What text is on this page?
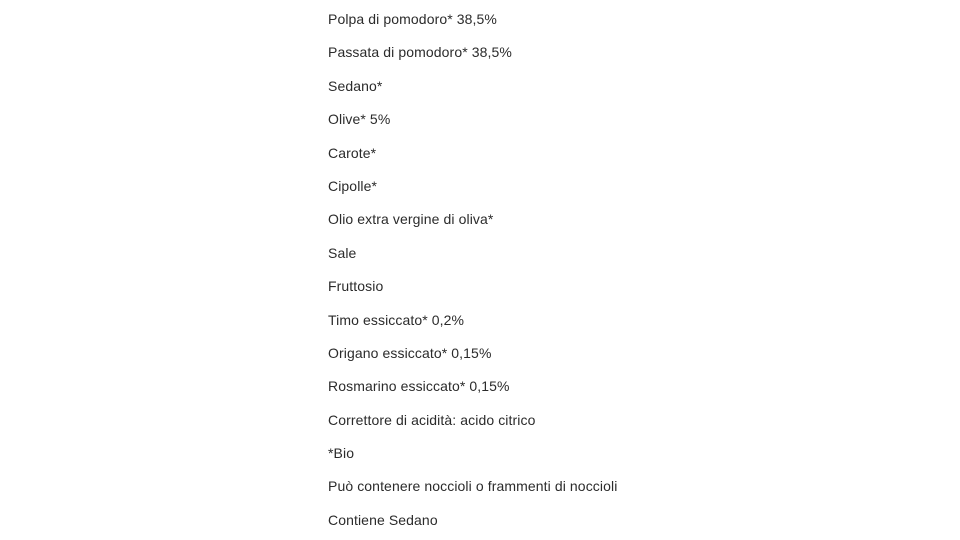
Polpa di pomodoro* 38,5%
Passata di pomodoro* 38,5%
Sedano*
Olive* 5%
Carote*
Cipolle*
Olio extra vergine di oliva*
Sale
Fruttosio
Timo essiccato* 0,2%
Origano essiccato* 0,15%
Rosmarino essiccato* 0,15%
Correttore di acidità: acido citrico
*Bio
Può contenere noccioli o frammenti di noccioli
Contiene Sedano
